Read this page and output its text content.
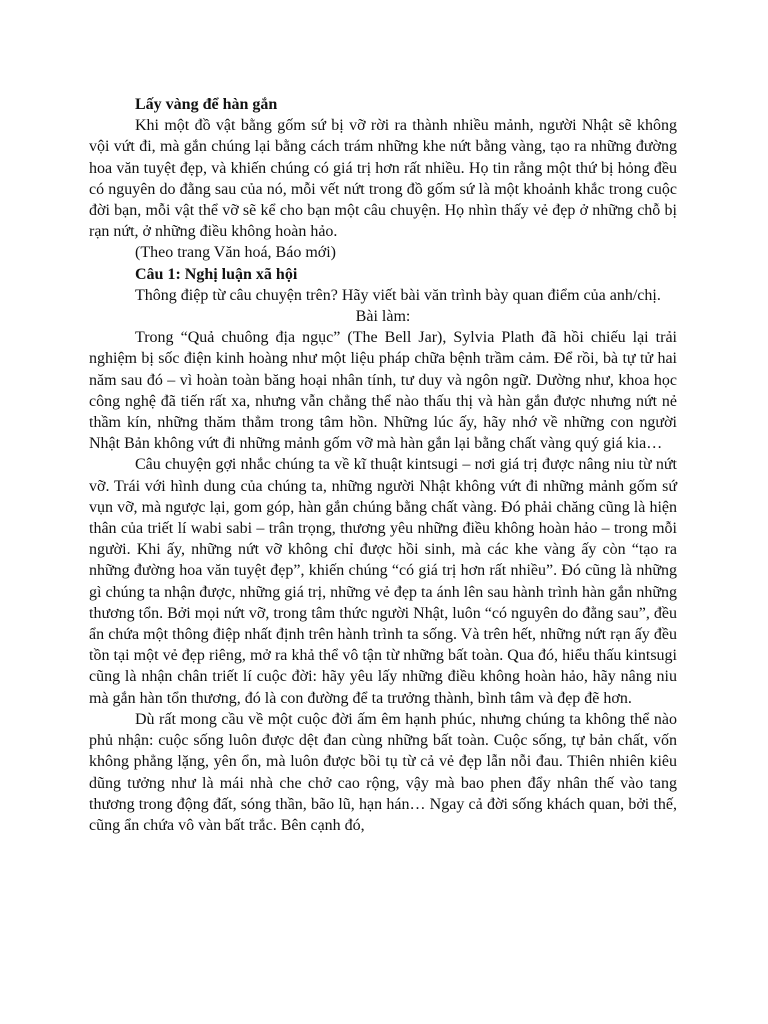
Lấy vàng để hàn gắn

Khi một đồ vật bằng gốm sứ bị vỡ rời ra thành nhiều mảnh, người Nhật sẽ không vội vứt đi, mà gắn chúng lại bằng cách trám những khe nứt bằng vàng, tạo ra những đường hoa văn tuyệt đẹp, và khiến chúng có giá trị hơn rất nhiều. Họ tin rằng một thứ bị hỏng đều có nguyên do đằng sau của nó, mỗi vết nứt trong đồ gốm sứ là một khoảnh khắc trong cuộc đời bạn, mỗi vật thể vỡ sẽ kể cho bạn một câu chuyện. Họ nhìn thấy vẻ đẹp ở những chỗ bị rạn nứt, ở những điều không hoàn hảo.

(Theo trang Văn hoá, Báo mới)

Câu 1: Nghị luận xã hội

Thông điệp từ câu chuyện trên? Hãy viết bài văn trình bày quan điểm của anh/chị.

Bài làm:

Trong “Quả chuông địa ngục” (The Bell Jar), Sylvia Plath đã hồi chiếu lại trải nghiệm bị sốc điện kinh hoàng như một liệu pháp chữa bệnh trầm cảm. Để rồi, bà tự tử hai năm sau đó – vì hoàn toàn băng hoại nhân tính, tư duy và ngôn ngữ. Dường như, khoa học công nghệ đã tiến rất xa, nhưng vẫn chẳng thể nào thấu thị và hàn gắn được nhưng nứt nẻ thầm kín, những thăm thẳm trong tâm hồn. Những lúc ấy, hãy nhớ về những con người Nhật Bản không vứt đi những mảnh gốm vỡ mà hàn gắn lại bằng chất vàng quý giá kia…

Câu chuyện gợi nhắc chúng ta về kĩ thuật kintsugi – nơi giá trị được nâng niu từ nứt vỡ. Trái với hình dung của chúng ta, những người Nhật không vứt đi những mảnh gốm sứ vụn vỡ, mà ngược lại, gom góp, hàn gắn chúng bằng chất vàng. Đó phải chăng cũng là hiện thân của triết lí wabi sabi – trân trọng, thương yêu những điều không hoàn hảo – trong mỗi người. Khi ấy, những nứt vỡ không chỉ được hồi sinh, mà các khe vàng ấy còn “tạo ra những đường hoa văn tuyệt đẹp”, khiến chúng “có giá trị hơn rất nhiều”. Đó cũng là những gì chúng ta nhận được, những giá trị, những vẻ đẹp ta ánh lên sau hành trình hàn gắn những thương tổn. Bởi mọi nứt vỡ, trong tâm thức người Nhật, luôn “có nguyên do đằng sau”, đều ẩn chứa một thông điệp nhất định trên hành trình ta sống. Và trên hết, những nứt rạn ấy đều tồn tại một vẻ đẹp riêng, mở ra khả thể vô tận từ những bất toàn. Qua đó, hiểu thấu kintsugi cũng là nhận chân triết lí cuộc đời: hãy yêu lấy những điều không hoàn hảo, hãy nâng niu mà gắn hàn tổn thương, đó là con đường để ta trưởng thành, bình tâm và đẹp đẽ hơn.

Dù rất mong cầu về một cuộc đời ấm êm hạnh phúc, nhưng chúng ta không thể nào phủ nhận: cuộc sống luôn được dệt đan cùng những bất toàn. Cuộc sống, tự bản chất, vốn không phẳng lặng, yên ổn, mà luôn được bồi tụ từ cả vẻ đẹp lẫn nỗi đau. Thiên nhiên kiêu dũng tưởng như là mái nhà che chở cao rộng, vậy mà bao phen đẩy nhân thế vào tang thương trong động đất, sóng thần, bão lũ, hạn hán… Ngay cả đời sống khách quan, bởi thế, cũng ẩn chứa vô vàn bất trắc. Bên cạnh đó,
